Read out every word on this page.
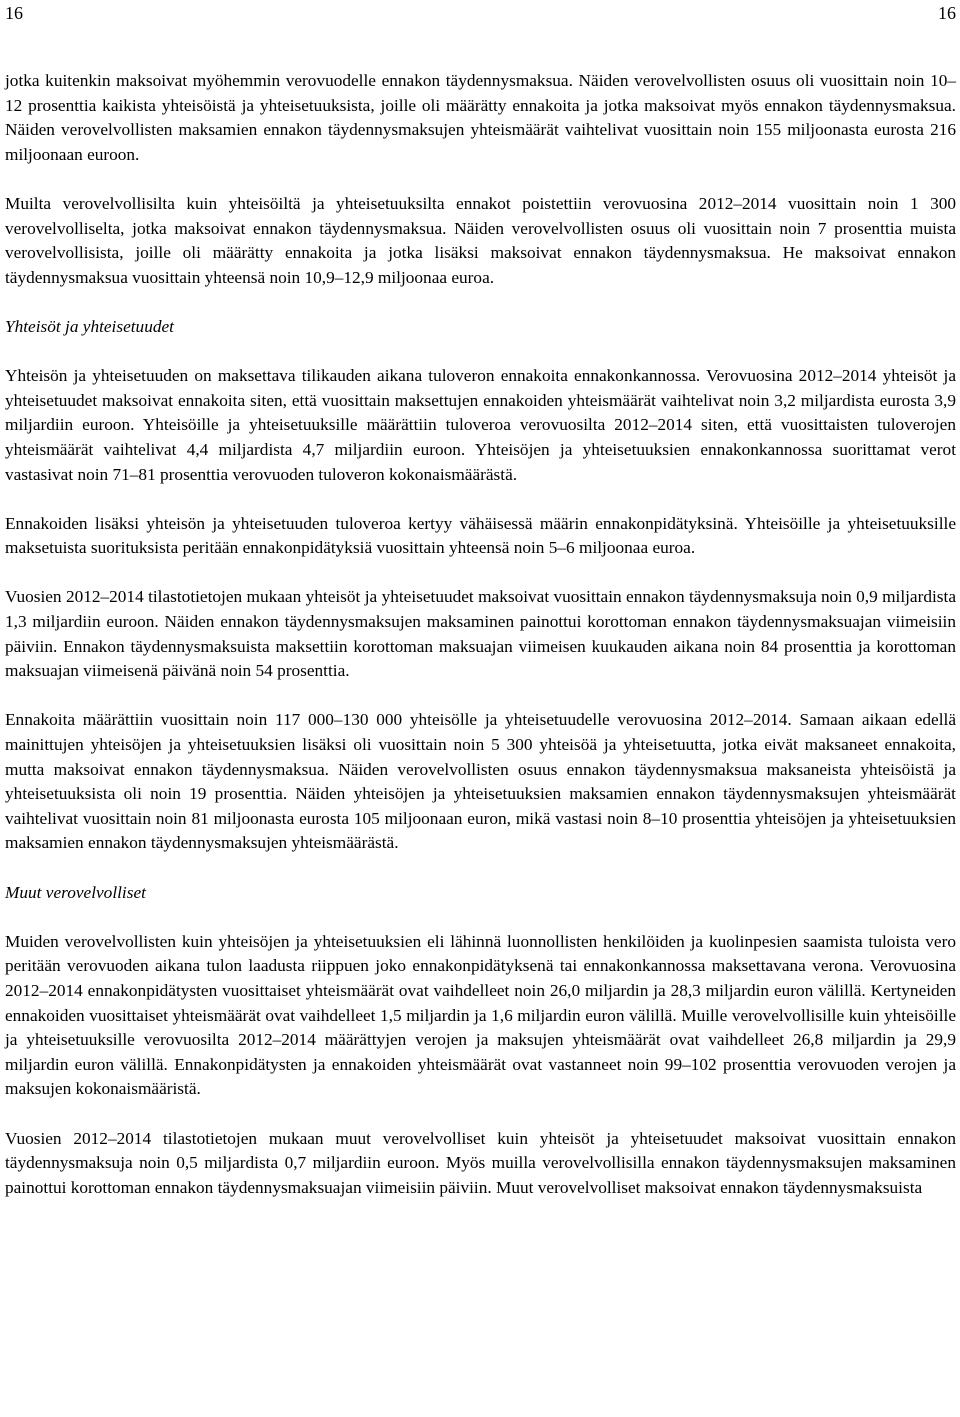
16	16

jotka kuitenkin maksoivat myöhemmin verovuodelle ennakon täydennysmaksua. Näiden verovelvollisten osuus oli vuosittain noin 10–12 prosenttia kaikista yhteisöistä ja yhteisetuuksista, joille oli määrätty ennakoita ja jotka maksoivat myös ennakon täydennysmaksua. Näiden verovelvollisten maksamien ennakon täydennysmaksujen yhteismäärät vaihtelivat vuosittain noin 155 miljoonasta eurosta 216 miljoonaan euroon.

Muilta verovelvollisilta kuin yhteisöiltä ja yhteisetuuksilta ennakot poistettiin verovuosina 2012–2014 vuosittain noin 1 300 verovelvolliselta, jotka maksoivat ennakon täydennysmaksua. Näiden verovelvollisten osuus oli vuosittain noin 7 prosenttia muista verovelvollisista, joille oli määrätty ennakoita ja jotka lisäksi maksoivat ennakon täydennysmaksua. He maksoivat ennakon täydennysmaksua vuosittain yhteensä noin 10,9–12,9 miljoonaa euroa.

Yhteisöt ja yhteisetuudet

Yhteisön ja yhteisetuuden on maksettava tilikauden aikana tuloveron ennakoita ennakonkannossa. Verovuosina 2012–2014 yhteisöt ja yhteisetuudet maksoivat ennakoita siten, että vuosittain maksettujen ennakoiden yhteismäärät vaihtelivat noin 3,2 miljardista eurosta 3,9 miljardiin euroon. Yhteisöille ja yhteisetuuksille määrättiin tuloveroa verovuosilta 2012–2014 siten, että vuosittaisten tuloverojen yhteismäärät vaihtelivat 4,4 miljardista 4,7 miljardiin euroon. Yhteisöjen ja yhteisetuuksien ennakonkannossa suorittamat verot vastasivat noin 71–81 prosenttia verovuoden tuloveron kokonaismäärästä.

Ennakoiden lisäksi yhteisön ja yhteisetuuden tuloveroa kertyy vähäisessä määrin ennakonpidätyksinä. Yhteisöille ja yhteisetuuksille maksetuista suorituksista peritään ennakonpidätyksiä vuosittain yhteensä noin 5–6 miljoonaa euroa.

Vuosien 2012–2014 tilastotietojen mukaan yhteisöt ja yhteisetuudet maksoivat vuosittain ennakon täydennysmaksuja noin 0,9 miljardista 1,3 miljardiin euroon. Näiden ennakon täydennysmaksujen maksaminen painottui korottoman ennakon täydennysmaksuajan viimeisiin päiviin. Ennakon täydennysmaksuista maksettiin korottoman maksuajan viimeisen kuukauden aikana noin 84 prosenttia ja korottoman maksuajan viimeisenä päivänä noin 54 prosenttia.

Ennakoita määrättiin vuosittain noin 117 000–130 000 yhteisölle ja yhteisetuudelle verovuosina 2012–2014. Samaan aikaan edellä mainittujen yhteisöjen ja yhteisetuuksien lisäksi oli vuosittain noin 5 300 yhteisöä ja yhteisetuutta, jotka eivät maksaneet ennakoita, mutta maksoivat ennakon täydennysmaksua. Näiden verovelvollisten osuus ennakon täydennysmaksua maksaneista yhteisöistä ja yhteisetuuksista oli noin 19 prosenttia. Näiden yhteisöjen ja yhteisetuuksien maksamien ennakon täydennysmaksujen yhteismäärät vaihtelivat vuosittain noin 81 miljoonasta eurosta 105 miljoonaan euron, mikä vastasi noin 8–10 prosenttia yhteisöjen ja yhteisetuuksien maksamien ennakon täydennysmaksujen yhteismäärästä.

Muut verovelvolliset

Muiden verovelvollisten kuin yhteisöjen ja yhteisetuuksien eli lähinnä luonnollisten henkilöiden ja kuolinpesien saamista tuloista vero peritään verovuoden aikana tulon laadusta riippuen joko ennakonpidätyksenä tai ennakonkannossa maksettavana verona. Verovuosina 2012–2014 ennakonpidätysten vuosittaiset yhteismäärät ovat vaihdelleet noin 26,0 miljardin ja 28,3 miljardin euron välillä. Kertyneiden ennakoiden vuosittaiset yhteismäärät ovat vaihdelleet 1,5 miljardin ja 1,6 miljardin euron välillä. Muille verovelvollisille kuin yhteisöille ja yhteisetuuksille verovuosilta 2012–2014 määrättyjen verojen ja maksujen yhteismäärät ovat vaihdelleet 26,8 miljardin ja 29,9 miljardin euron välillä. Ennakonpidätysten ja ennakoiden yhteismäärät ovat vastanneet noin 99–102 prosenttia verovuoden verojen ja maksujen kokonaismääristä.

Vuosien 2012–2014 tilastotietojen mukaan muut verovelvolliset kuin yhteisöt ja yhteisetuudet maksoivat vuosittain ennakon täydennysmaksuja noin 0,5 miljardista 0,7 miljardiin euroon. Myös muilla verovelvollisilla ennakon täydennysmaksujen maksaminen painottui korottoman ennakon täydennysmaksuajan viimeisiin päiviin. Muut verovelvolliset maksoivat ennakon täydennysmaksuista
